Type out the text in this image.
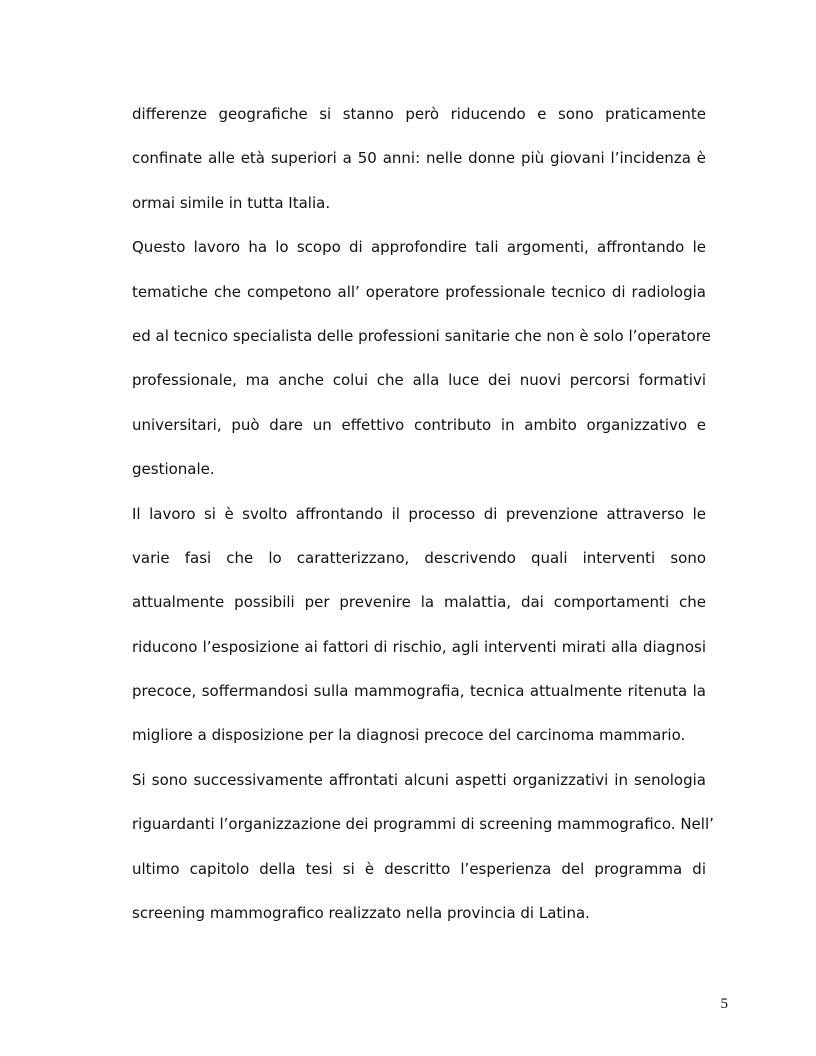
differenze geografiche si stanno però riducendo e sono praticamente
confinate alle età superiori a 50 anni: nelle donne più giovani l’incidenza è
ormai simile in tutta Italia.
Questo lavoro ha lo scopo di approfondire tali argomenti, affrontando le
tematiche che competono all’ operatore professionale tecnico di radiologia
ed al tecnico specialista delle professioni sanitarie che non è solo l’operatore
professionale, ma anche colui che alla luce dei nuovi percorsi formativi
universitari, può dare un effettivo contributo in ambito organizzativo e
gestionale.
Il lavoro si è svolto affrontando il processo di prevenzione attraverso le
varie fasi che lo caratterizzano, descrivendo quali interventi sono
attualmente possibili per prevenire la malattia, dai comportamenti che
riducono l’esposizione ai fattori di rischio, agli interventi mirati alla diagnosi
precoce, soffermandosi sulla mammografia, tecnica attualmente ritenuta la
migliore a disposizione per la diagnosi precoce del carcinoma mammario.
Si sono successivamente affrontati alcuni aspetti organizzativi in senologia
riguardanti l’organizzazione dei programmi di screening mammografico. Nell’
ultimo capitolo della tesi si è descritto l’esperienza del programma di
screening mammografico realizzato nella provincia di Latina.
5
